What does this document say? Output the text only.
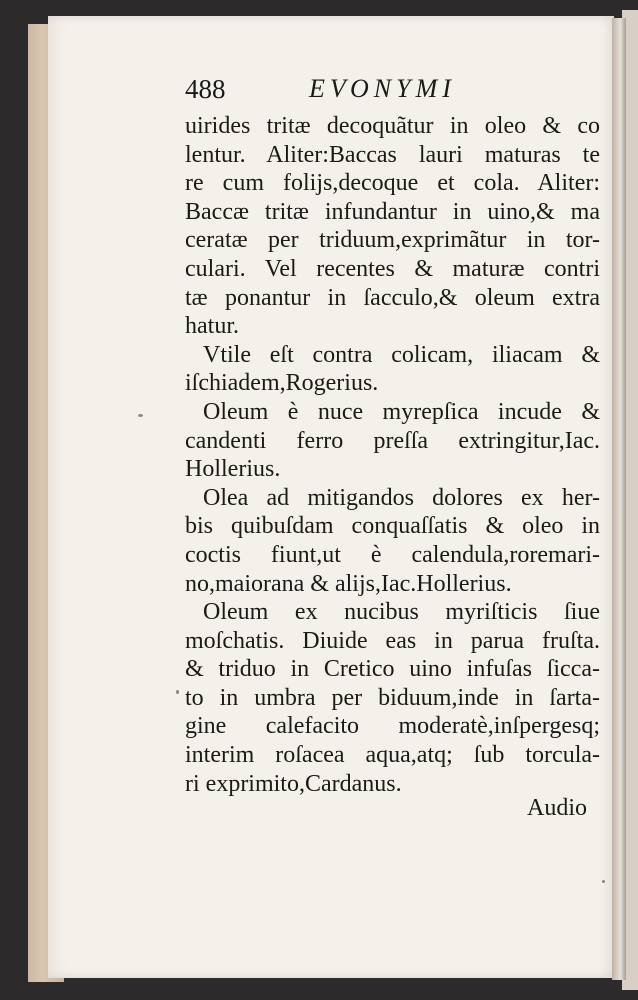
488	EVONYMI
uirides tritæ decoquãtur in oleo & co
lentur. Aliter:Baccas lauri maturas te
re cum folijs,decoque et cola. Aliter:
Baccæ tritæ infundantur in uino,& ma
ceratæ per triduum,exprimãtur in tor-
culari. Vel recentes & maturæ contri
tæ ponantur in ſacculo,& oleum extra
hatur.
Vtile eſt contra colicam, iliacam &
iſchiadem,Rogerius.
Oleum è nuce myrepſica incude &
candenti ferro preſſa extringitur,Iac.
Hollerius.
Olea ad mitigandos dolores ex her-
bis quibuſdam conquaſſatis & oleo in
coctis fiunt,ut è calendula,roremari-
no,maiorana & alijs,Iac.Hollerius.
Oleum ex nucibus myriſticis ſiue
moſchatis. Diuide eas in parua fruſta.
& triduo in Cretico uino infuſas ſicca-
to in umbra per biduum,inde in ſarta-
gine calefacito moderatè,inſpergesq;
interim roſacea aqua,atq; ſub torcula-
ri exprimito,Cardanus.
Audio
